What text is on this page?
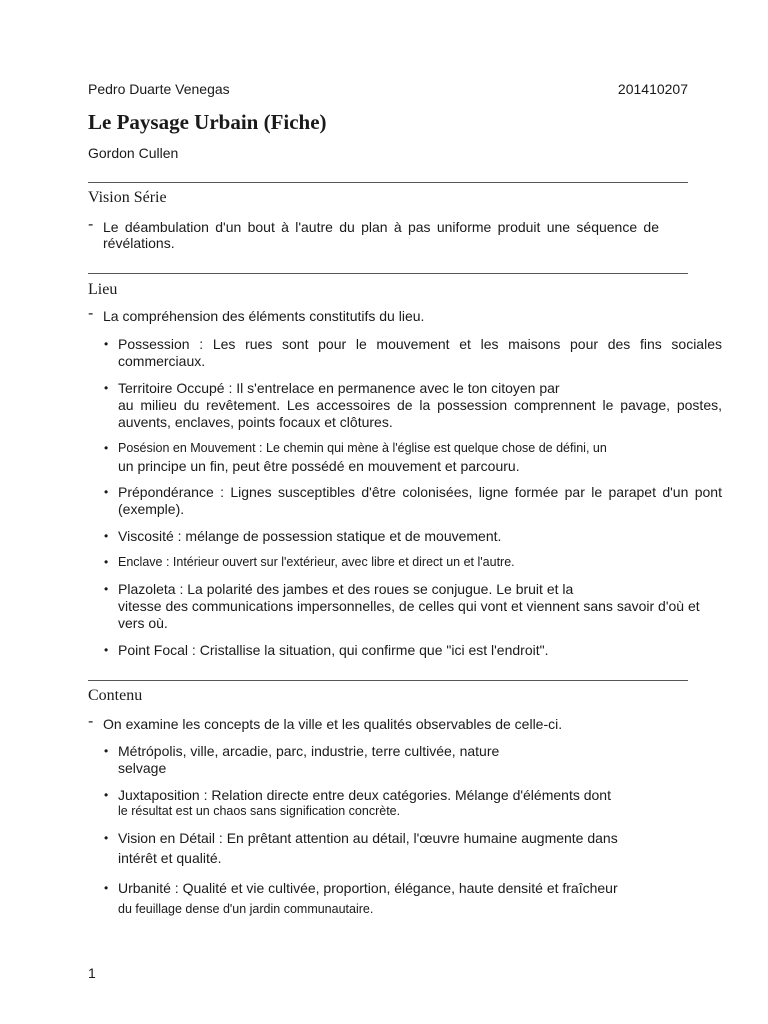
Pedro Duarte Venegas	201410207
Le Paysage Urbain (Fiche)
Gordon Cullen
Vision Série
- Le déambulation d'un bout à l'autre du plan à pas uniforme produit une séquence de révélations.
Lieu
- La compréhension des éléments constitutifs du lieu.
• Possession : Les rues sont pour le mouvement et les maisons pour des fins sociales commerciaux.
• Territoire Occupé : Il s'entrelace en permanence avec le ton citoyen par
au milieu du revêtement. Les accessoires de la possession comprennent le pavage, postes, auvents, enclaves, points focaux et clôtures.
• Posésion en Mouvement : Le chemin qui mène à l'église est quelque chose de défini, un
un principe un fin, peut être possédé en mouvement et parcouru.
• Prépondérance : Lignes susceptibles d'être colonisées, ligne formée par le parapet d'un pont (exemple).
• Viscosité : mélange de possession statique et de mouvement.
• Enclave : Intérieur ouvert sur l'extérieur, avec libre et direct un et l'autre.
• Plazoleta : La polarité des jambes et des roues se conjugue. Le bruit et la
vitesse des communications impersonnelles, de celles qui vont et viennent sans savoir d'où et vers où.
• Point Focal : Cristallise la situation, qui confirme que "ici est l'endroit".
Contenu
- On examine les concepts de la ville et les qualités observables de celle-ci.
• Métrópolis, ville, arcadie, parc, industrie, terre cultivée, nature
selvage
• Juxtaposition : Relation directe entre deux catégories. Mélange d'éléments dont
le résultat est un chaos sans signification concrète.
• Vision en Détail : En prêtant attention au détail, l'œuvre humaine augmente dans
intérêt et qualité.
• Urbanité : Qualité et vie cultivée, proportion, élégance, haute densité et fraîcheur
du feuillage dense d'un jardin communautaire.
1
